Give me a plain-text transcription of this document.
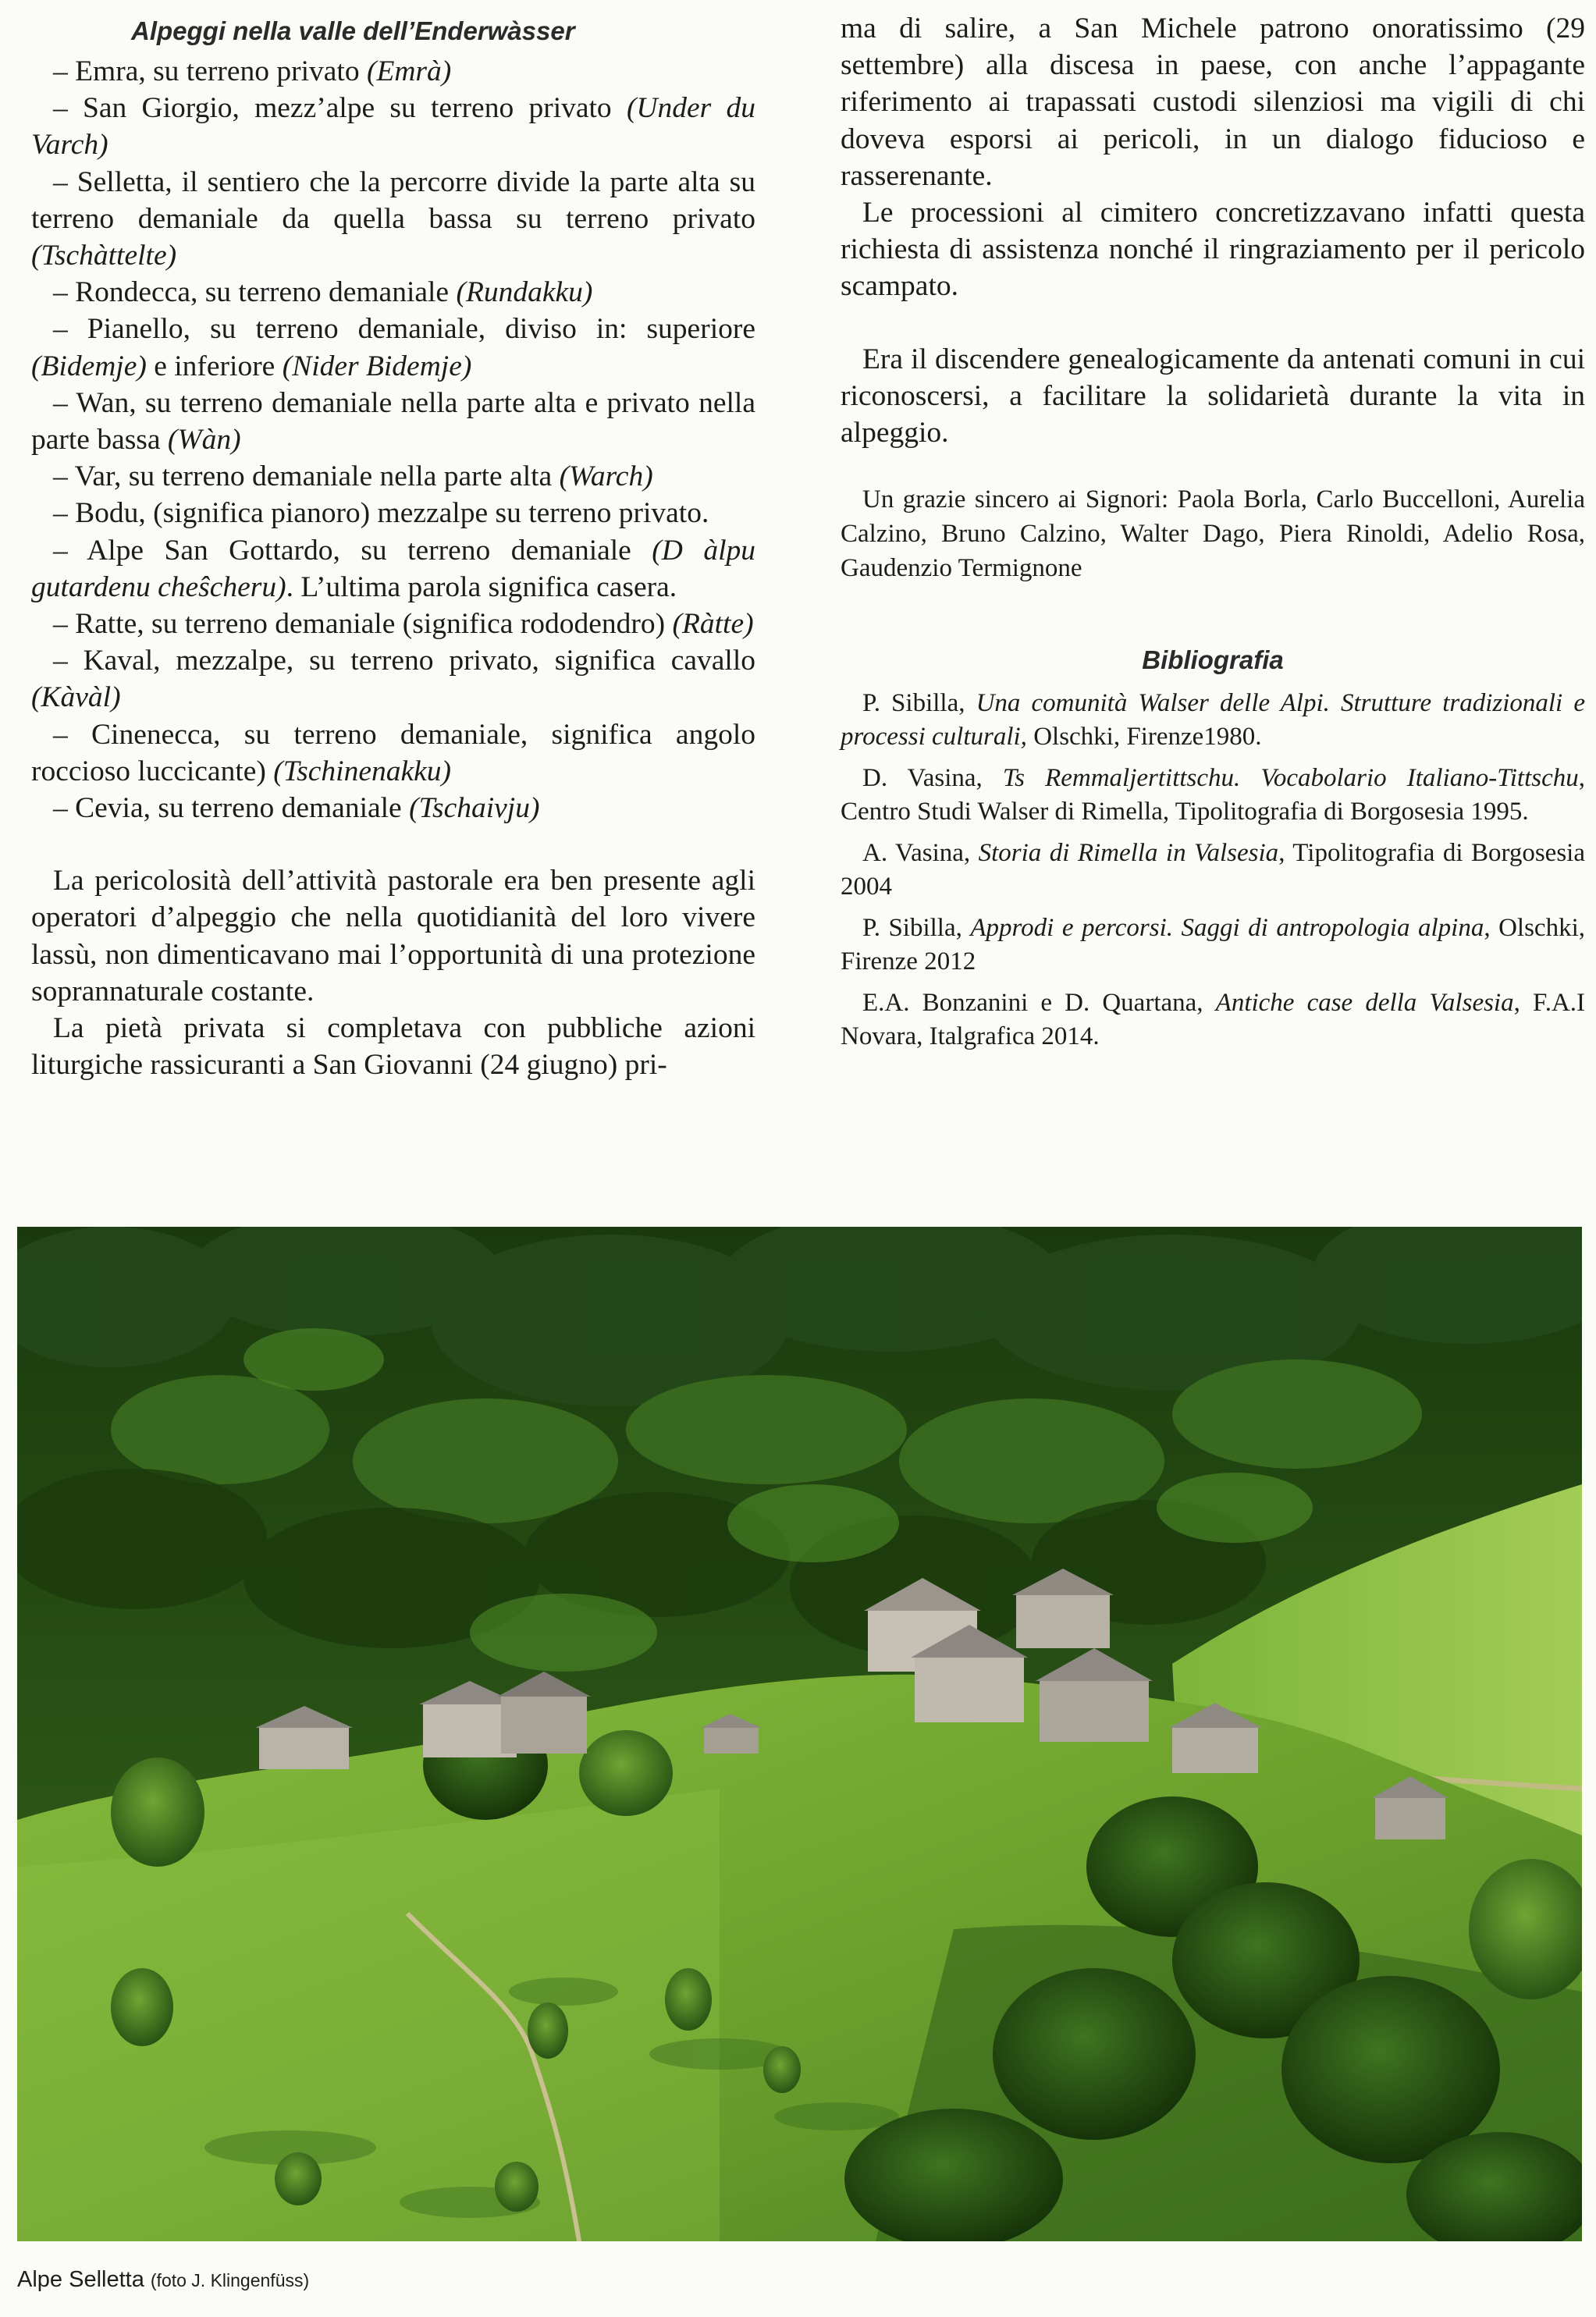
Alpeggi nella valle dell’Enderwàsser

– Emra, su terreno privato (Emrà)

– San Giorgio, mezz’alpe su terreno privato (Under du Varch)

– Selletta, il sentiero che la percorre divide la parte alta su terreno demaniale da quella bassa su terreno privato (Tschàttelte)

– Rondecca, su terreno demaniale (Rundakku)

– Pianello, su terreno demaniale, diviso in: superiore (Bidemje) e inferiore (Nider Bidemje)

– Wan, su terreno demaniale nella parte alta e privato nella parte bassa (Wàn)

– Var, su terreno demaniale nella parte alta (Warch)

– Bodu, (significa pianoro) mezzalpe su terreno privato.

– Alpe San Gottardo, su terreno demaniale (D àlpu gutardenu cheŝcheru). L’ultima parola significa casera.

– Ratte, su terreno demaniale (significa rododendro) (Ràtte)

– Kaval, mezzalpe, su terreno privato, significa cavallo (Kàvàl)

– Cinenecca, su terreno demaniale, significa angolo roccioso luccicante) (Tschinenakku)

– Cevia, su terreno demaniale (Tschaivju)

La pericolosità dell’attività pastorale era ben presente agli operatori d’alpeggio che nella quotidianità del loro vivere lassù, non dimenticavano mai l’opportunità di una protezione soprannaturale costante.

La pietà privata si completava con pubbliche azioni liturgiche rassicuranti a San Giovanni (24 giugno) pri-

ma di salire, a San Michele patrono onoratissimo (29 settembre) alla discesa in paese, con anche l’appagante riferimento ai trapassati custodi silenziosi ma vigili di chi doveva esporsi ai pericoli, in un dialogo fiducioso e rasserenante.

Le processioni al cimitero concretizzavano infatti questa richiesta di assistenza nonché il ringraziamento per il pericolo scampato.

Era il discendere genealogicamente da antenati comuni in cui riconoscersi, a facilitare la solidarietà durante la vita in alpeggio.

Un grazie sincero ai Signori: Paola Borla, Carlo Buccelloni, Aurelia Calzino, Bruno Calzino, Walter Dago, Piera Rinoldi, Adelio Rosa, Gaudenzio Termignone

Bibliografia

P. Sibilla, Una comunità Walser delle Alpi. Strutture tradizionali e processi culturali, Olschki, Firenze1980.

D. Vasina, Ts Remmaljertittschu. Vocabolario Italiano-Tittschu, Centro Studi Walser di Rimella, Tipolitografia di Borgosesia 1995.

A. Vasina, Storia di Rimella in Valsesia, Tipolitografia di Borgosesia 2004

P. Sibilla, Approdi e percorsi. Saggi di antropologia alpina, Olschki, Firenze 2012

E.A. Bonzanini e D. Quartana, Antiche case della Valsesia, F.A.I Novara, Italgrafica 2014.

Alpe Selletta (foto J. Klingenfüss)
